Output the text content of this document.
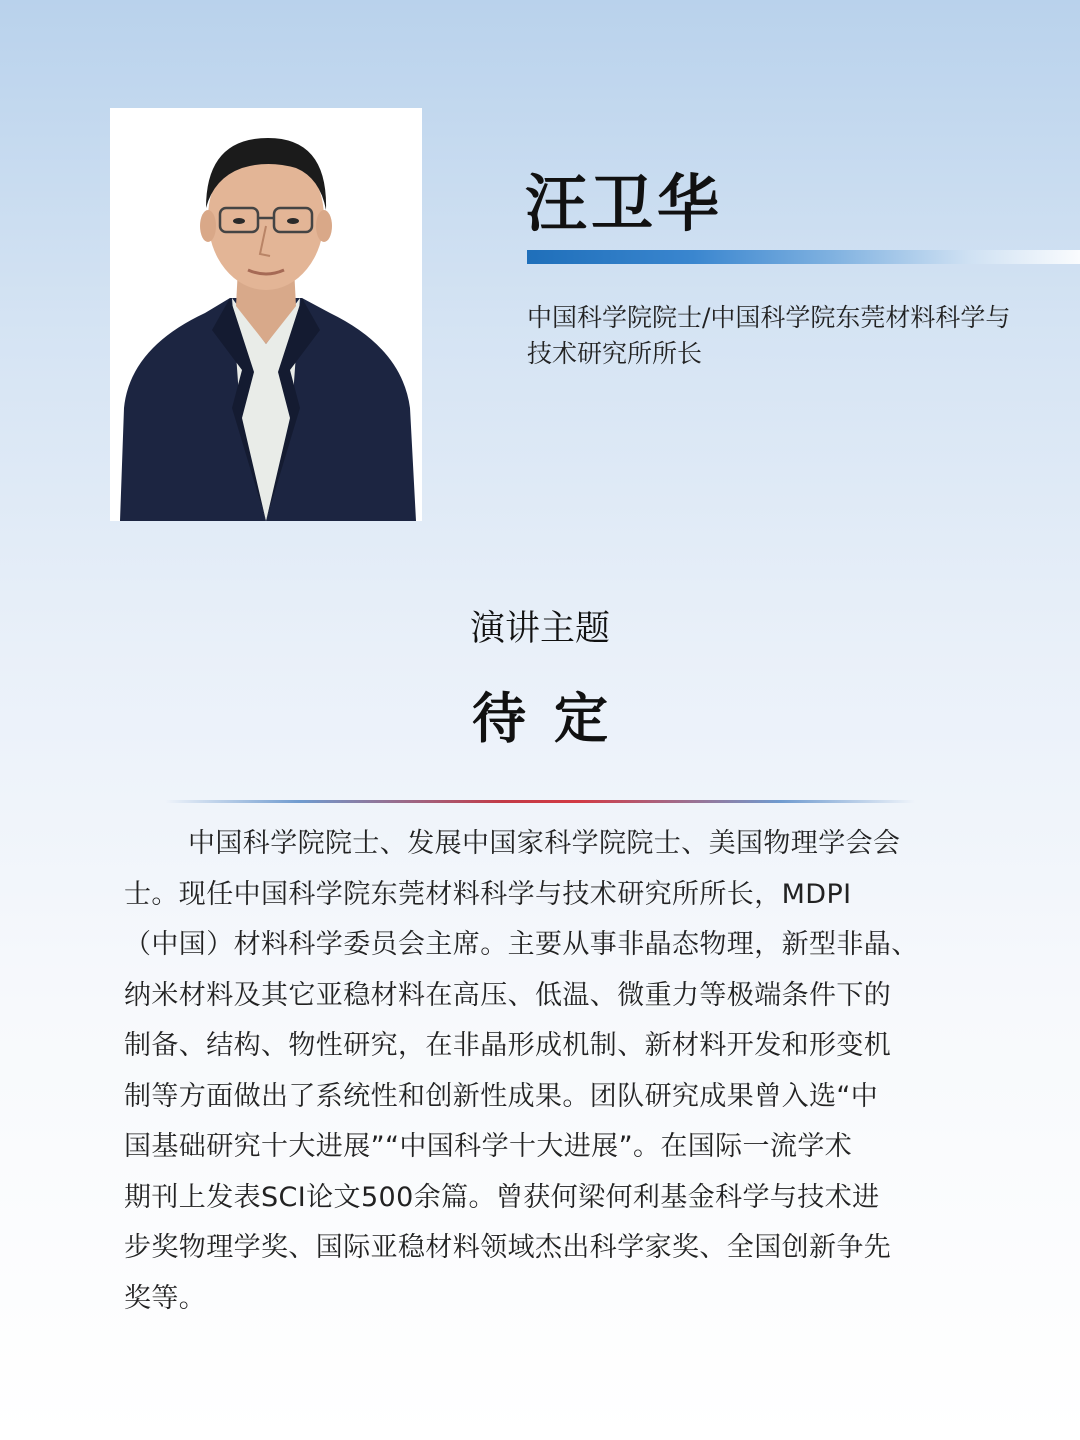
汪卫华
中国科学院院士/中国科学院东莞材料科学与技术研究所所长
演讲主题
待定
中国科学院院士、发展中国家科学院院士、美国物理学会会
士。现任中国科学院东莞材料科学与技术研究所所长，MDPI
（中国）材料科学委员会主席。主要从事非晶态物理，新型非晶、
纳米材料及其它亚稳材料在高压、低温、微重力等极端条件下的
制备、结构、物性研究，在非晶形成机制、新材料开发和形变机
制等方面做出了系统性和创新性成果。团队研究成果曾入选“中
国基础研究十大进展”“中国科学十大进展”。在国际一流学术
期刊上发表SCI论文500余篇。曾获何梁何利基金科学与技术进
步奖物理学奖、国际亚稳材料领域杰出科学家奖、全国创新争先
奖等。
